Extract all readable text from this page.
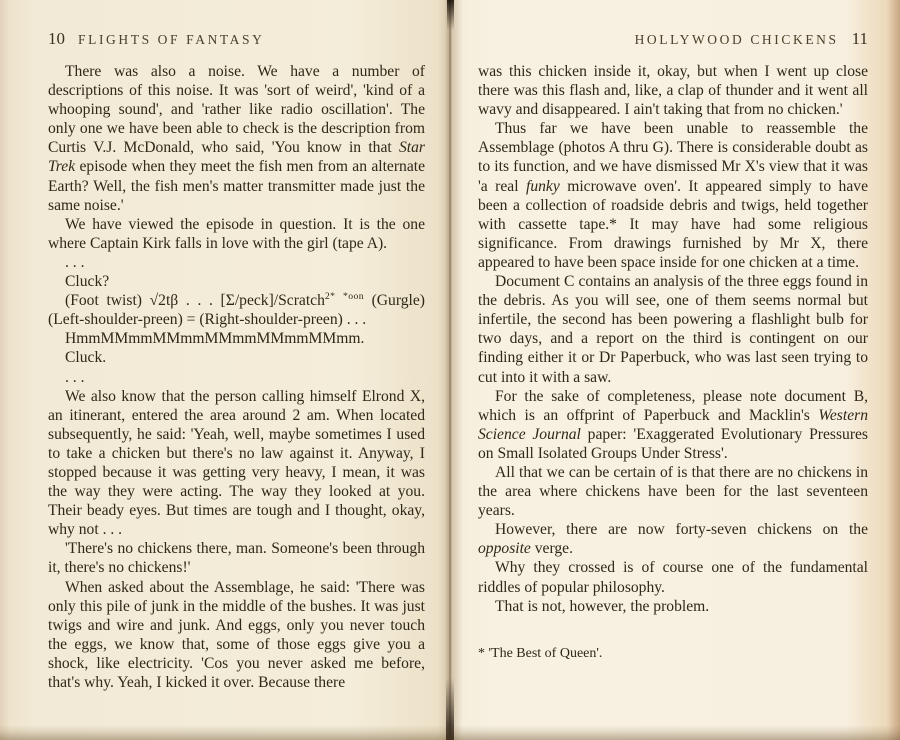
10 FLIGHTS OF FANTASY

There was also a noise. We have a number of descriptions of this noise. It was 'sort of weird', 'kind of a whooping sound', and 'rather like radio oscillation'. The only one we have been able to check is the description from Curtis V.J. McDonald, who said, 'You know in that Star Trek episode when they meet the fish men from an alternate Earth? Well, the fish men's matter transmitter made just the same noise.'

We have viewed the episode in question. It is the one where Captain Kirk falls in love with the girl (tape A).

. . .

Cluck?

(Foot twist) √2tβ . . . [Σ/peck]/Scratch$^{2*}$ $^{*oon}$ (Gurgle) (Left-shoulder-preen) = (Right-shoulder-preen) . . .

HmmMMmmMMmmMMmmMMmmMMmm.

Cluck.

. . .

We also know that the person calling himself Elrond X, an itinerant, entered the area around 2 am. When located subsequently, he said: 'Yeah, well, maybe sometimes I used to take a chicken but there's no law against it. Anyway, I stopped because it was getting very heavy, I mean, it was the way they were acting. The way they looked at you. Their beady eyes. But times are tough and I thought, okay, why not . . .

'There's no chickens there, man. Someone's been through it, there's no chickens!'

When asked about the Assemblage, he said: 'There was only this pile of junk in the middle of the bushes. It was just twigs and wire and junk. And eggs, only you never touch the eggs, we know that, some of those eggs give you a shock, like electricity. 'Cos you never asked me before, that's why. Yeah, I kicked it over. Because there

HOLLYWOOD CHICKENS 11

was this chicken inside it, okay, but when I went up close there was this flash and, like, a clap of thunder and it went all wavy and disappeared. I ain't taking that from no chicken.'

Thus far we have been unable to reassemble the Assemblage (photos A thru G). There is considerable doubt as to its function, and we have dismissed Mr X's view that it was 'a real funky microwave oven'. It appeared simply to have been a collection of roadside debris and twigs, held together with cassette tape.* It may have had some religious significance. From drawings furnished by Mr X, there appeared to have been space inside for one chicken at a time.

Document C contains an analysis of the three eggs found in the debris. As you will see, one of them seems normal but infertile, the second has been powering a flashlight bulb for two days, and a report on the third is contingent on our finding either it or Dr Paperbuck, who was last seen trying to cut into it with a saw.

For the sake of completeness, please note document B, which is an offprint of Paperbuck and Macklin's Western Science Journal paper: 'Exaggerated Evolutionary Pressures on Small Isolated Groups Under Stress'.

All that we can be certain of is that there are no chickens in the area where chickens have been for the last seventeen years.

However, there are now forty-seven chickens on the opposite verge.

Why they crossed is of course one of the fundamental riddles of popular philosophy.

That is not, however, the problem.

* 'The Best of Queen'.
